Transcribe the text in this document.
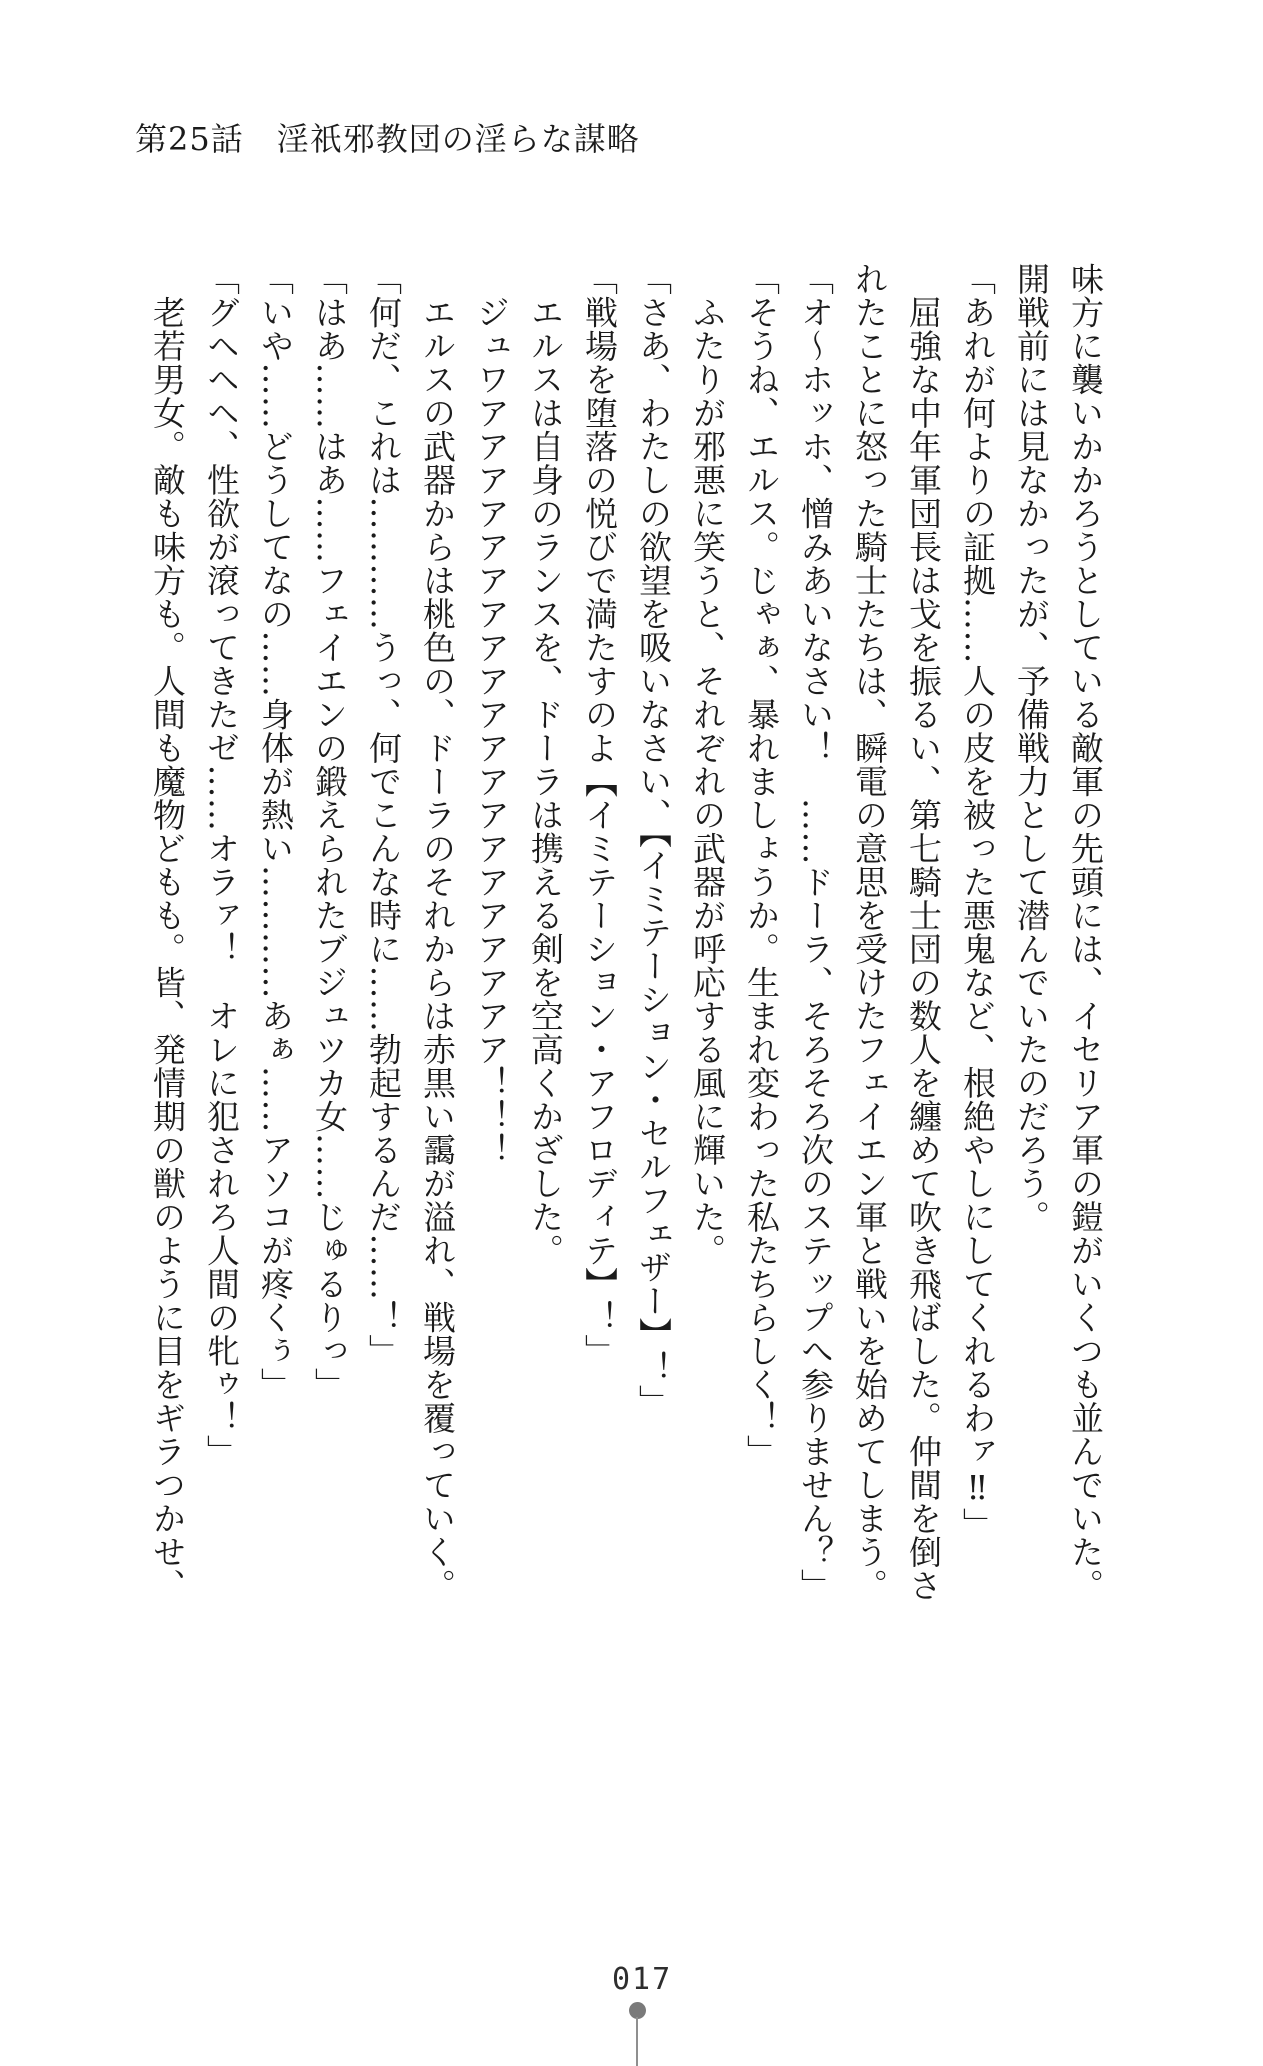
第25話　淫祇邪教団の淫らな謀略
味方に襲いかかろうとしている敵軍の先頭には、イセリア軍の鎧がいくつも並んでいた。
開戦前には見なかったが、予備戦力として潜んでいたのだろう。
「あれが何よりの証拠……人の皮を被った悪鬼など、根絶やしにしてくれるわァ‼」
　屈強な中年軍団長は戈を振るい、第七騎士団の数人を纏めて吹き飛ばした。仲間を倒さ
れたことに怒った騎士たちは、瞬電の意思を受けたフェイエン軍と戦いを始めてしまう。
「オ～ホッホ、憎みあいなさい！　……ドーラ、そろそろ次のステップへ参りません？」
「そうね、エルス。じゃぁ、暴れましょうか。生まれ変わった私たちらしく！」
　ふたりが邪悪に笑うと、それぞれの武器が呼応する風に輝いた。
「さあ、わたしの欲望を吸いなさい、【イミテーション・セルフェザー】！」
「戦場を堕落の悦びで満たすのよ【イミテーション・アフロディテ】！」
　エルスは自身のランスを、ドーラは携える剣を空高くかざした。
　ジュワアアアアアアアアアアアアアアアアアアアア！！！
　エルスの武器からは桃色の、ドーラのそれからは赤黒い靄が溢れ、戦場を覆っていく。
「何だ、これは…………うっ、何でこんな時に……勃起するんだ……！」
「はあ……はあ……フェイエンの鍛えられたブジュツカ女……じゅるりっ」
「いや……どうしてなの……身体が熱い…………あぁ……アソコが疼くぅ」
「グヘヘヘ、性欲が滾ってきたゼ……オラァ！　オレに犯されろ人間の牝ゥ！」
　老若男女。敵も味方も。人間も魔物どもも。皆、発情期の獣のように目をギラつかせ、
017
